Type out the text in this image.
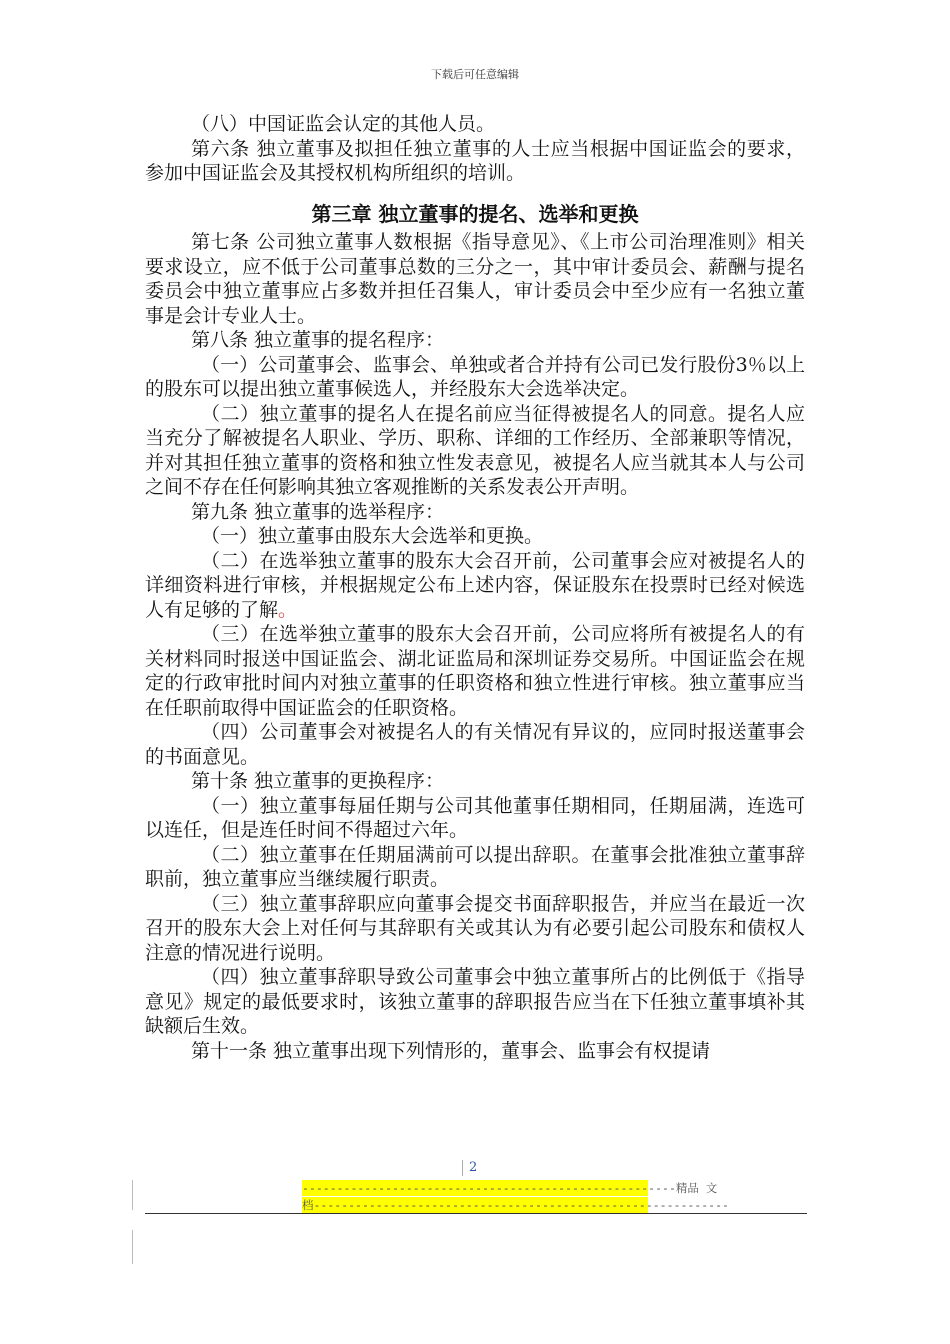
下载后可任意编辑

（八）中国证监会认定的其他人员。

第六条 独立董事及拟担任独立董事的人士应当根据中国证监会的要求，参加中国证监会及其授权机构所组织的培训。

第三章 独立董事的提名、选举和更换

第七条 公司独立董事人数根据《指导意见》、《上市公司治理准则》相关要求设立，应不低于公司董事总数的三分之一，其中审计委员会、薪酬与提名委员会中独立董事应占多数并担任召集人，审计委员会中至少应有一名独立董事是会计专业人士。

第八条 独立董事的提名程序：

（一）公司董事会、监事会、单独或者合并持有公司已发行股份3％以上的股东可以提出独立董事候选人，并经股东大会选举决定。

（二）独立董事的提名人在提名前应当征得被提名人的同意。提名人应当充分了解被提名人职业、学历、职称、详细的工作经历、全部兼职等情况，并对其担任独立董事的资格和独立性发表意见，被提名人应当就其本人与公司之间不存在任何影响其独立客观推断的关系发表公开声明。

第九条 独立董事的选举程序：

（一）独立董事由股东大会选举和更换。

（二）在选举独立董事的股东大会召开前，公司董事会应对被提名人的详细资料进行审核，并根据规定公布上述内容，保证股东在投票时已经对候选人有足够的了解。

（三）在选举独立董事的股东大会召开前，公司应将所有被提名人的有关材料同时报送中国证监会、湖北证监局和深圳证券交易所。中国证监会在规定的行政审批时间内对独立董事的任职资格和独立性进行审核。独立董事应当在任职前取得中国证监会的任职资格。

（四）公司董事会对被提名人的有关情况有异议的，应同时报送董事会的书面意见。

第十条 独立董事的更换程序：

（一）独立董事每届任期与公司其他董事任期相同，任期届满，连选可以连任，但是连任时间不得超过六年。

（二）独立董事在任期届满前可以提出辞职。在董事会批准独立董事辞职前，独立董事应当继续履行职责。

（三）独立董事辞职应向董事会提交书面辞职报告，并应当在最近一次召开的股东大会上对任何与其辞职有关或其认为有必要引起公司股东和债权人注意的情况进行说明。

（四）独立董事辞职导致公司董事会中独立董事所占的比例低于《指导意见》规定的最低要求时，该独立董事的辞职报告应当在下任独立董事填补其缺额后生效。

第十一条 独立董事出现下列情形的，董事会、监事会有权提请

2
------------------------------------------------------精品 文
档------------------------------------------------------------
